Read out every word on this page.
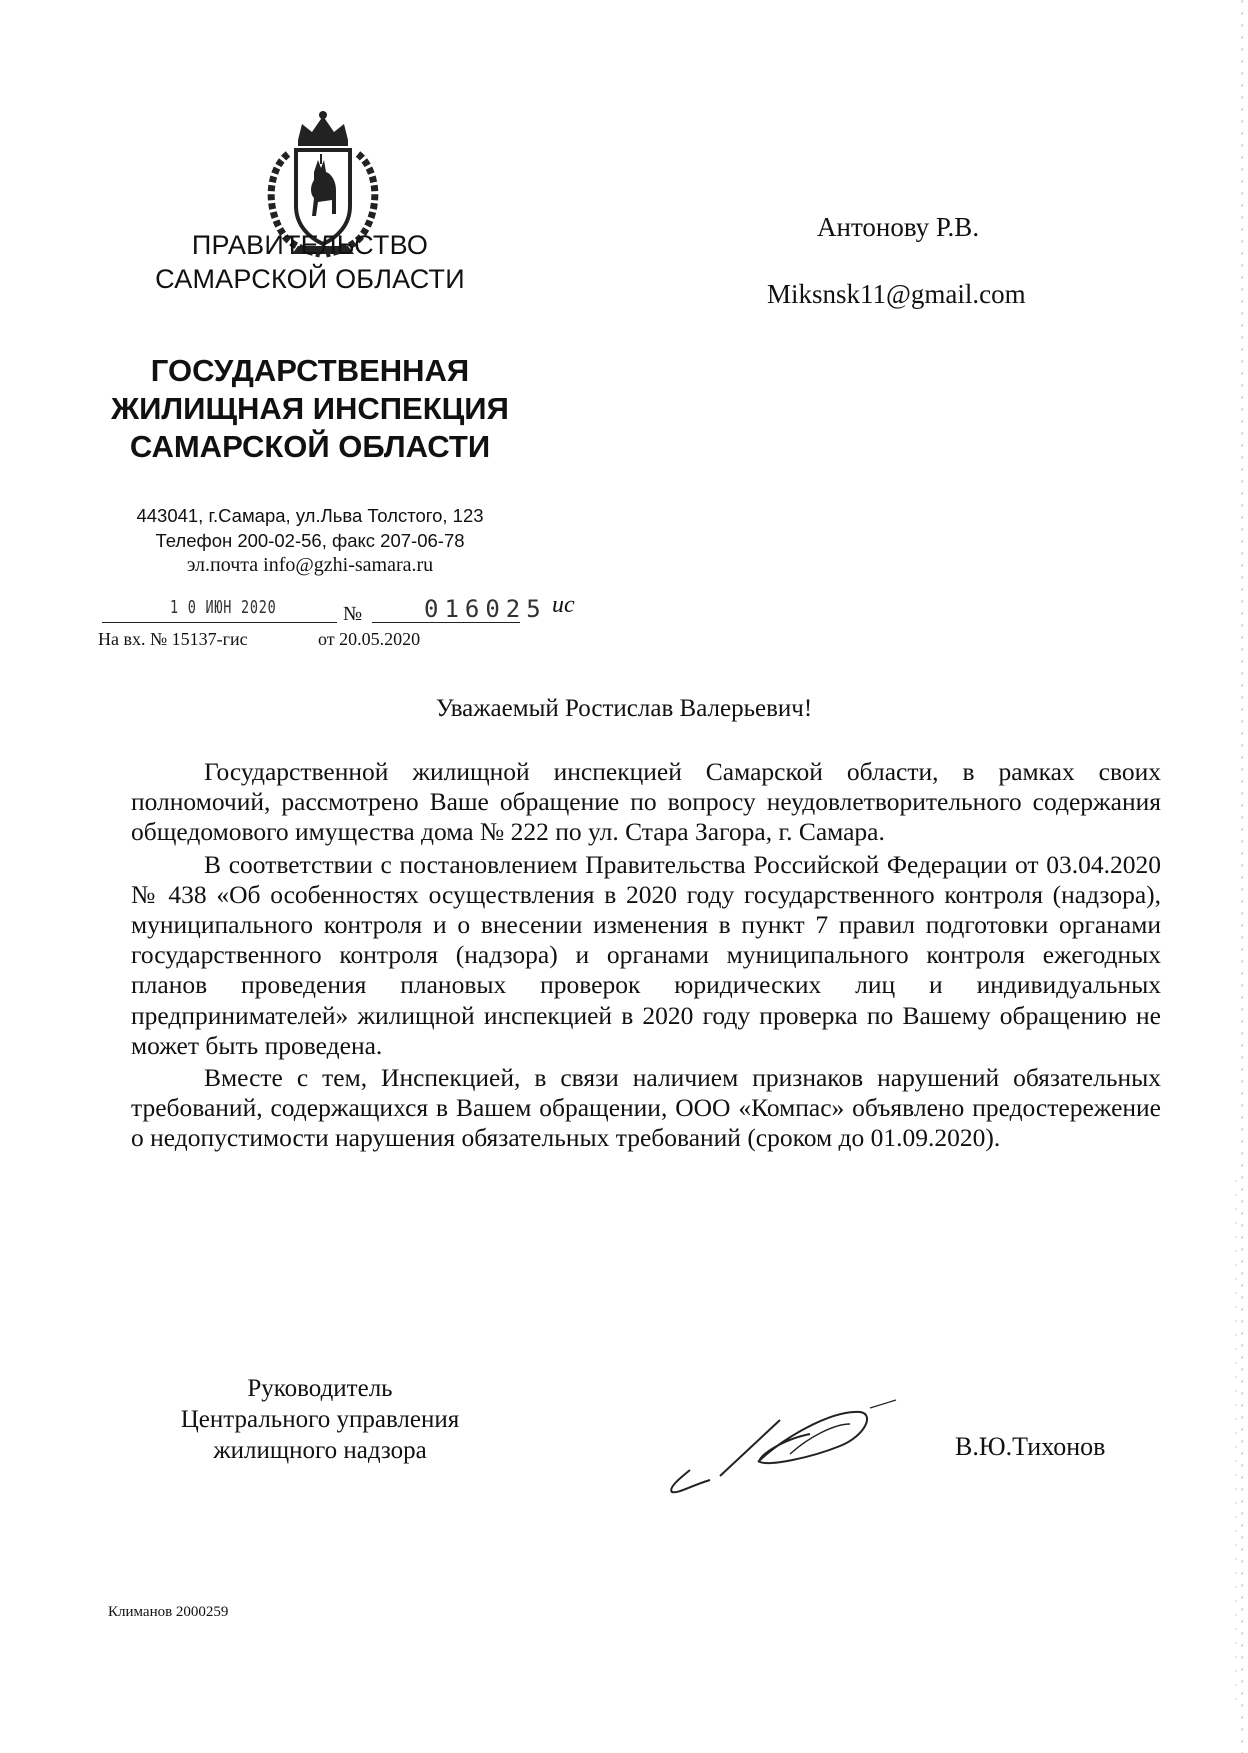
ПРАВИТЕЛЬСТВО
САМАРСКОЙ ОБЛАСТИ
ГОСУДАРСТВЕННАЯ
ЖИЛИЩНАЯ ИНСПЕКЦИЯ
САМАРСКОЙ ОБЛАСТИ
443041, г.Самара, ул.Льва Толстого, 123
Телефон 200-02-56, факс 207-06-78
эл.почта info@gzhi-samara.ru
1 0 ИЮН 2020	№	016025 ис
На вх. № 15137-гис	от 20.05.2020
Антонову Р.В.
Miksnsk11@gmail.com
Уважаемый Ростислав Валерьевич!

Государственной жилищной инспекцией Самарской области, в рамках своих полномочий, рассмотрено Ваше обращение по вопросу неудовлетворительного содержания общедомового имущества дома № 222 по ул. Стара Загора, г. Самара.

В соответствии с постановлением Правительства Российской Федерации от 03.04.2020 № 438 «Об особенностях осуществления в 2020 году государственного контроля (надзора), муниципального контроля и о внесении изменения в пункт 7 правил подготовки органами государственного контроля (надзора) и органами муниципального контроля ежегодных планов проведения плановых проверок юридических лиц и индивидуальных предпринимателей» жилищной инспекцией в 2020 году проверка по Вашему обращению не может быть проведена.

Вместе с тем, Инспекцией, в связи наличием признаков нарушений обязательных требований, содержащихся в Вашем обращении, ООО «Компас» объявлено предостережение о недопустимости нарушения обязательных требований (сроком до 01.09.2020).

Руководитель
Центрального управления
жилищного надзора	В.Ю.Тихонов
Климанов 2000259
